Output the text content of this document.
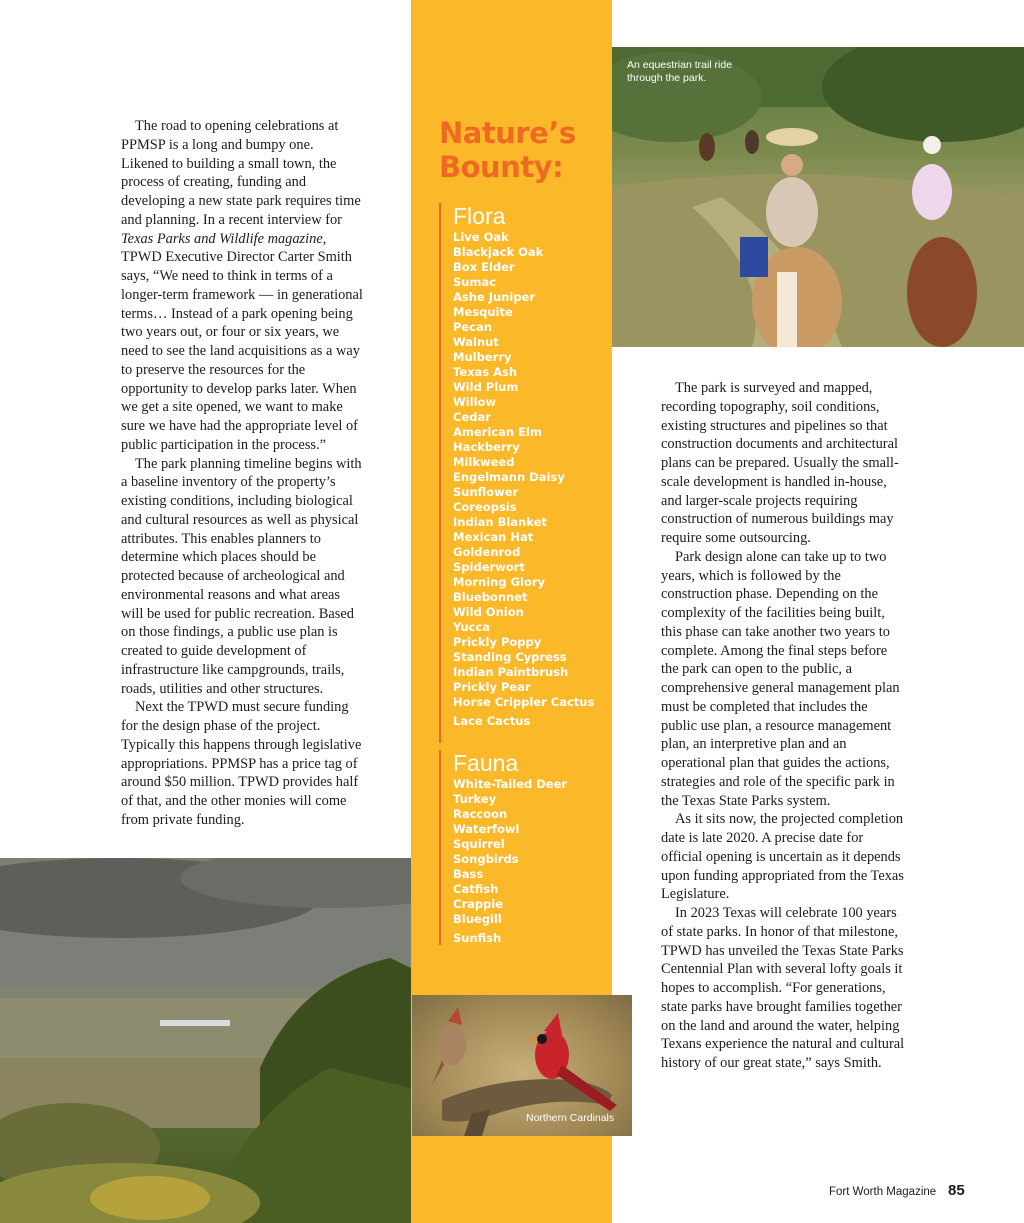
The road to opening celebrations at PPMSP is a long and bumpy one. Likened to building a small town, the process of creating, funding and developing a new state park requires time and planning. In a recent interview for Texas Parks and Wildlife magazine, TPWD Executive Director Carter Smith says, “We need to think in terms of a longer-term framework — in generational terms… Instead of a park opening being two years out, or four or six years, we need to see the land acquisitions as a way to preserve the resources for the opportunity to develop parks later. When we get a site opened, we want to make sure we have had the appropriate level of public participation in the process.”

The park planning timeline begins with a baseline inventory of the property’s existing conditions, including biological and cultural resources as well as physical attributes. This enables planners to determine which places should be protected because of archeological and environmental reasons and what areas will be used for public recreation. Based on those findings, a public use plan is created to guide development of infrastructure like campgrounds, trails, roads, utilities and other structures.

Next the TPWD must secure funding for the design phase of the project. Typically this happens through legislative appropriations. PPMSP has a price tag of around $50 million. TPWD provides half of that, and the other monies will come from private funding.

Nature’s
Bounty:
Flora
Live Oak
Blackjack Oak
Box Elder
Sumac
Ashe Juniper
Mesquite
Pecan
Walnut
Mulberry
Texas Ash
Wild Plum
Willow
Cedar
American Elm
Hackberry
Milkweed
Engelmann Daisy
Sunflower
Coreopsis
Indian Blanket
Mexican Hat
Goldenrod
Spiderwort
Morning Glory
Bluebonnet
Wild Onion
Yucca
Prickly Poppy
Standing Cypress
Indian Paintbrush
Prickly Pear
Horse Crippler Cactus
Lace Cactus
Fauna
White-Tailed Deer
Turkey
Raccoon
Waterfowl
Squirrel
Songbirds
Bass
Catfish
Crappie
Bluegill
Sunfish
An equestrian trail ride through the park.
Northern Cardinals

The park is surveyed and mapped, recording topography, soil conditions, existing structures and pipelines so that construction documents and architectural plans can be prepared. Usually the small-scale development is handled in-house, and larger-scale projects requiring construction of numerous buildings may require some outsourcing.

Park design alone can take up to two years, which is followed by the construction phase. Depending on the complexity of the facilities being built, this phase can take another two years to complete. Among the final steps before the park can open to the public, a comprehensive general management plan must be completed that includes the public use plan, a resource management plan, an interpretive plan and an operational plan that guides the actions, strategies and role of the specific park in the Texas State Parks system.

As it sits now, the projected completion date is late 2020. A precise date for official opening is uncertain as it depends upon funding appropriated from the Texas Legislature.

In 2023 Texas will celebrate 100 years of state parks. In honor of that milestone, TPWD has unveiled the Texas State Parks Centennial Plan with several lofty goals it hopes to accomplish. “For generations, state parks have brought families together on the land and around the water, helping Texans experience the natural and cultural history of our great state,” says Smith.

Fort Worth Magazine 85
